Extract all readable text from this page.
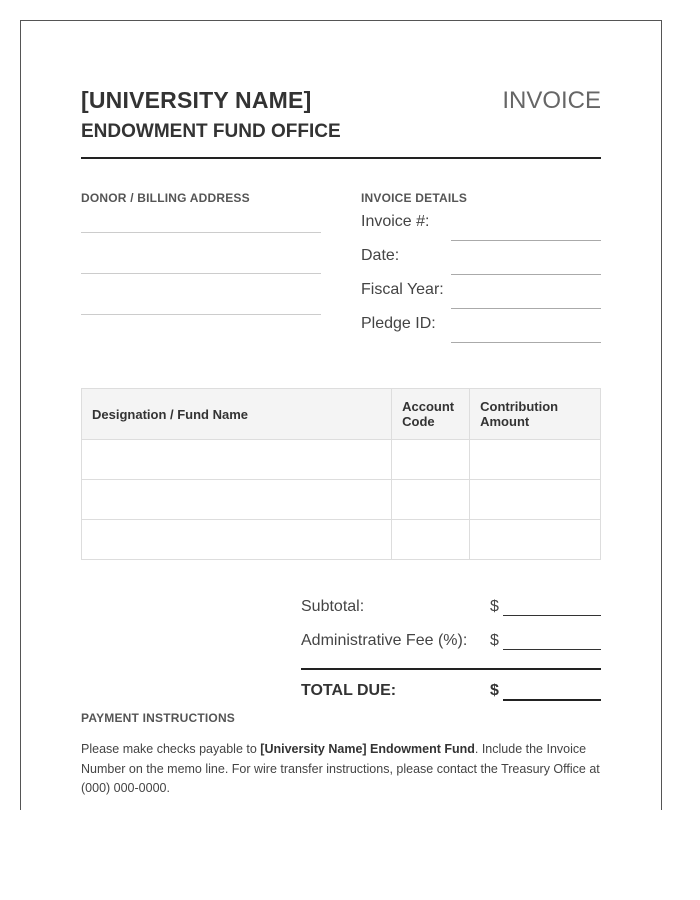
[UNIVERSITY NAME]
ENDOWMENT FUND OFFICE
INVOICE
DONOR / BILLING ADDRESS	INVOICE DETAILS
Invoice #:
Date:
Fiscal Year:
Pledge ID:
Designation / Fund Name	Account Code	Contribution Amount

Subtotal:	$
Administrative Fee (%): $
TOTAL DUE:	$
PAYMENT INSTRUCTIONS
Please make checks payable to [University Name] Endowment Fund. Include the Invoice Number on the memo line. For wire transfer instructions, please contact the Treasury Office at (000) 000-0000.
